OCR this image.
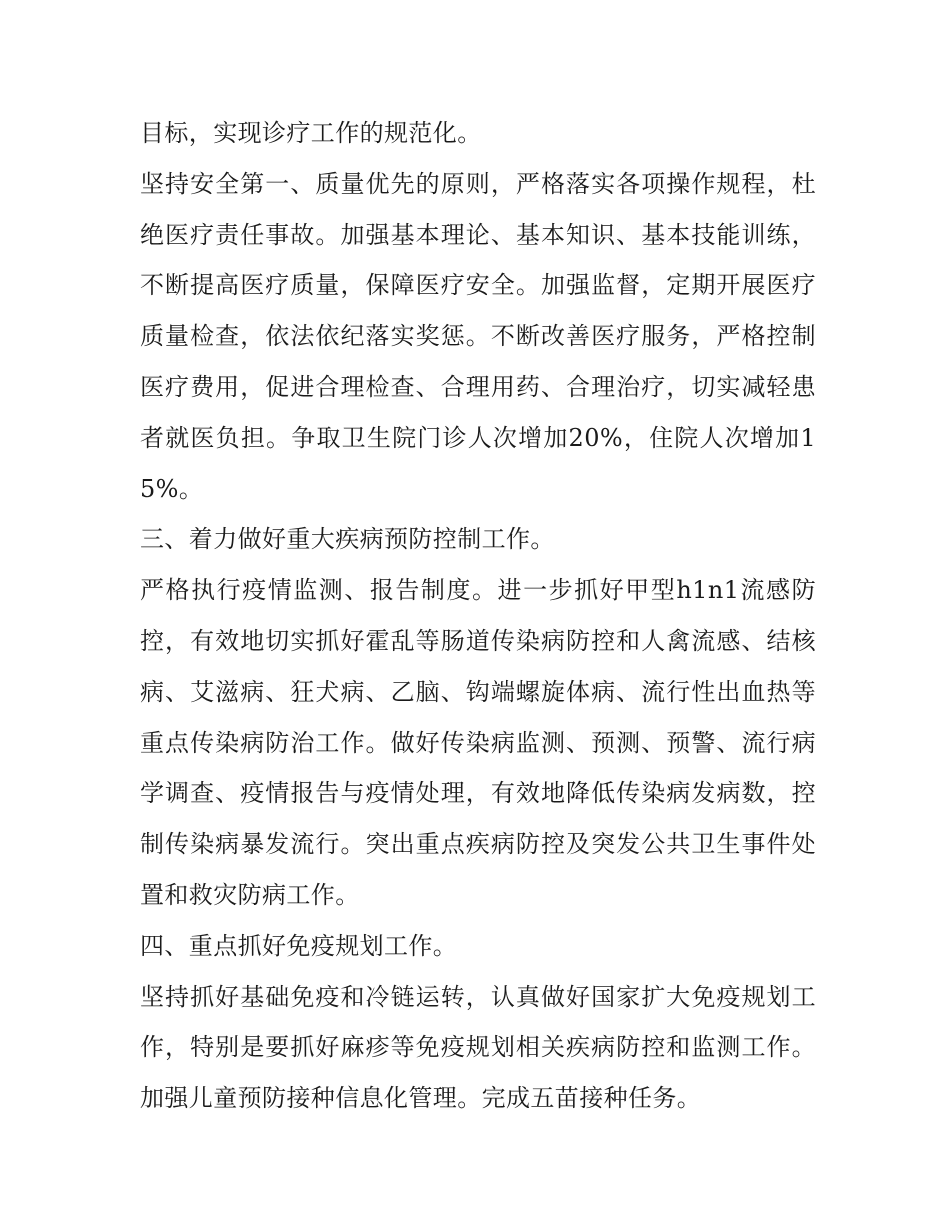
目标，实现诊疗工作的规范化。

坚持安全第一、质量优先的原则，严格落实各项操作规程，杜绝医疗责任事故。加强基本理论、基本知识、基本技能训练，不断提高医疗质量，保障医疗安全。加强监督，定期开展医疗质量检查，依法依纪落实奖惩。不断改善医疗服务，严格控制医疗费用，促进合理检查、合理用药、合理治疗，切实减轻患者就医负担。争取卫生院门诊人次增加20%，住院人次增加15%。

三、着力做好重大疾病预防控制工作。

严格执行疫情监测、报告制度。进一步抓好甲型h1n1流感防控，有效地切实抓好霍乱等肠道传染病防控和人禽流感、结核病、艾滋病、狂犬病、乙脑、钩端螺旋体病、流行性出血热等重点传染病防治工作。做好传染病监测、预测、预警、流行病学调查、疫情报告与疫情处理，有效地降低传染病发病数，控制传染病暴发流行。突出重点疾病防控及突发公共卫生事件处置和救灾防病工作。

四、重点抓好免疫规划工作。

坚持抓好基础免疫和冷链运转，认真做好国家扩大免疫规划工作，特别是要抓好麻疹等免疫规划相关疾病防控和监测工作。加强儿童预防接种信息化管理。完成五苗接种任务。
